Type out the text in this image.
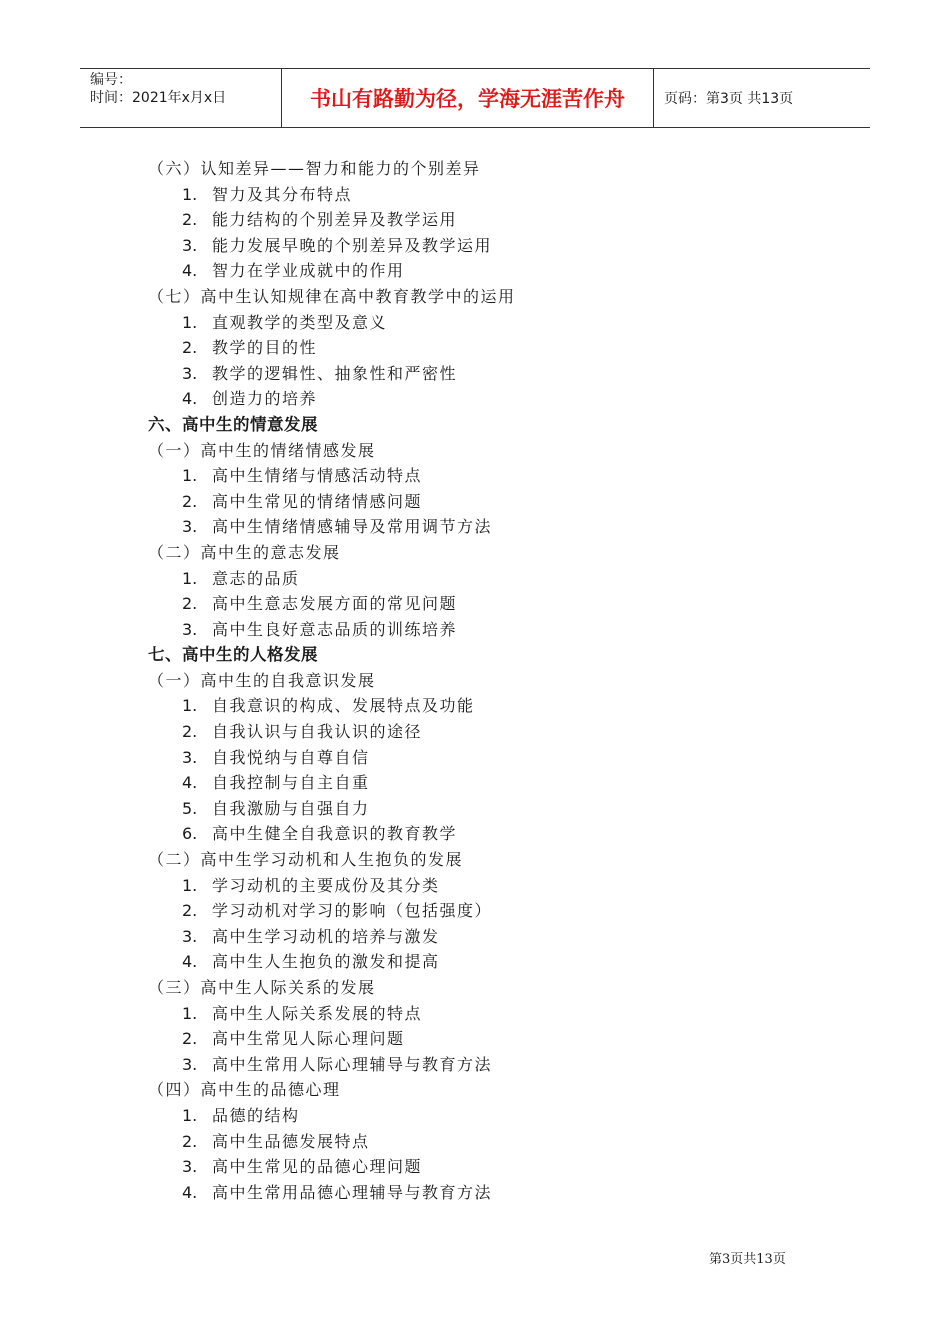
编号：
时间：2021年x月x日	书山有路勤为径，学海无涯苦作舟	页码：第3页 共13页
（六）认知差异——智力和能力的个别差异
1. 智力及其分布特点
2. 能力结构的个别差异及教学运用
3. 能力发展早晚的个别差异及教学运用
4. 智力在学业成就中的作用
（七）高中生认知规律在高中教育教学中的运用
1. 直观教学的类型及意义
2. 教学的目的性
3. 教学的逻辑性、抽象性和严密性
4. 创造力的培养
六、高中生的情意发展
（一）高中生的情绪情感发展
1. 高中生情绪与情感活动特点
2. 高中生常见的情绪情感问题
3. 高中生情绪情感辅导及常用调节方法
（二）高中生的意志发展
1. 意志的品质
2. 高中生意志发展方面的常见问题
3. 高中生良好意志品质的训练培养
七、高中生的人格发展
（一）高中生的自我意识发展
1. 自我意识的构成、发展特点及功能
2. 自我认识与自我认识的途径
3. 自我悦纳与自尊自信
4. 自我控制与自主自重
5. 自我激励与自强自力
6. 高中生健全自我意识的教育教学
（二）高中生学习动机和人生抱负的发展
1. 学习动机的主要成份及其分类
2. 学习动机对学习的影响（包括强度）
3. 高中生学习动机的培养与激发
4. 高中生人生抱负的激发和提高
（三）高中生人际关系的发展
1. 高中生人际关系发展的特点
2. 高中生常见人际心理问题
3. 高中生常用人际心理辅导与教育方法
（四）高中生的品德心理
1. 品德的结构
2. 高中生品德发展特点
3. 高中生常见的品德心理问题
4. 高中生常用品德心理辅导与教育方法
第3页共13页
